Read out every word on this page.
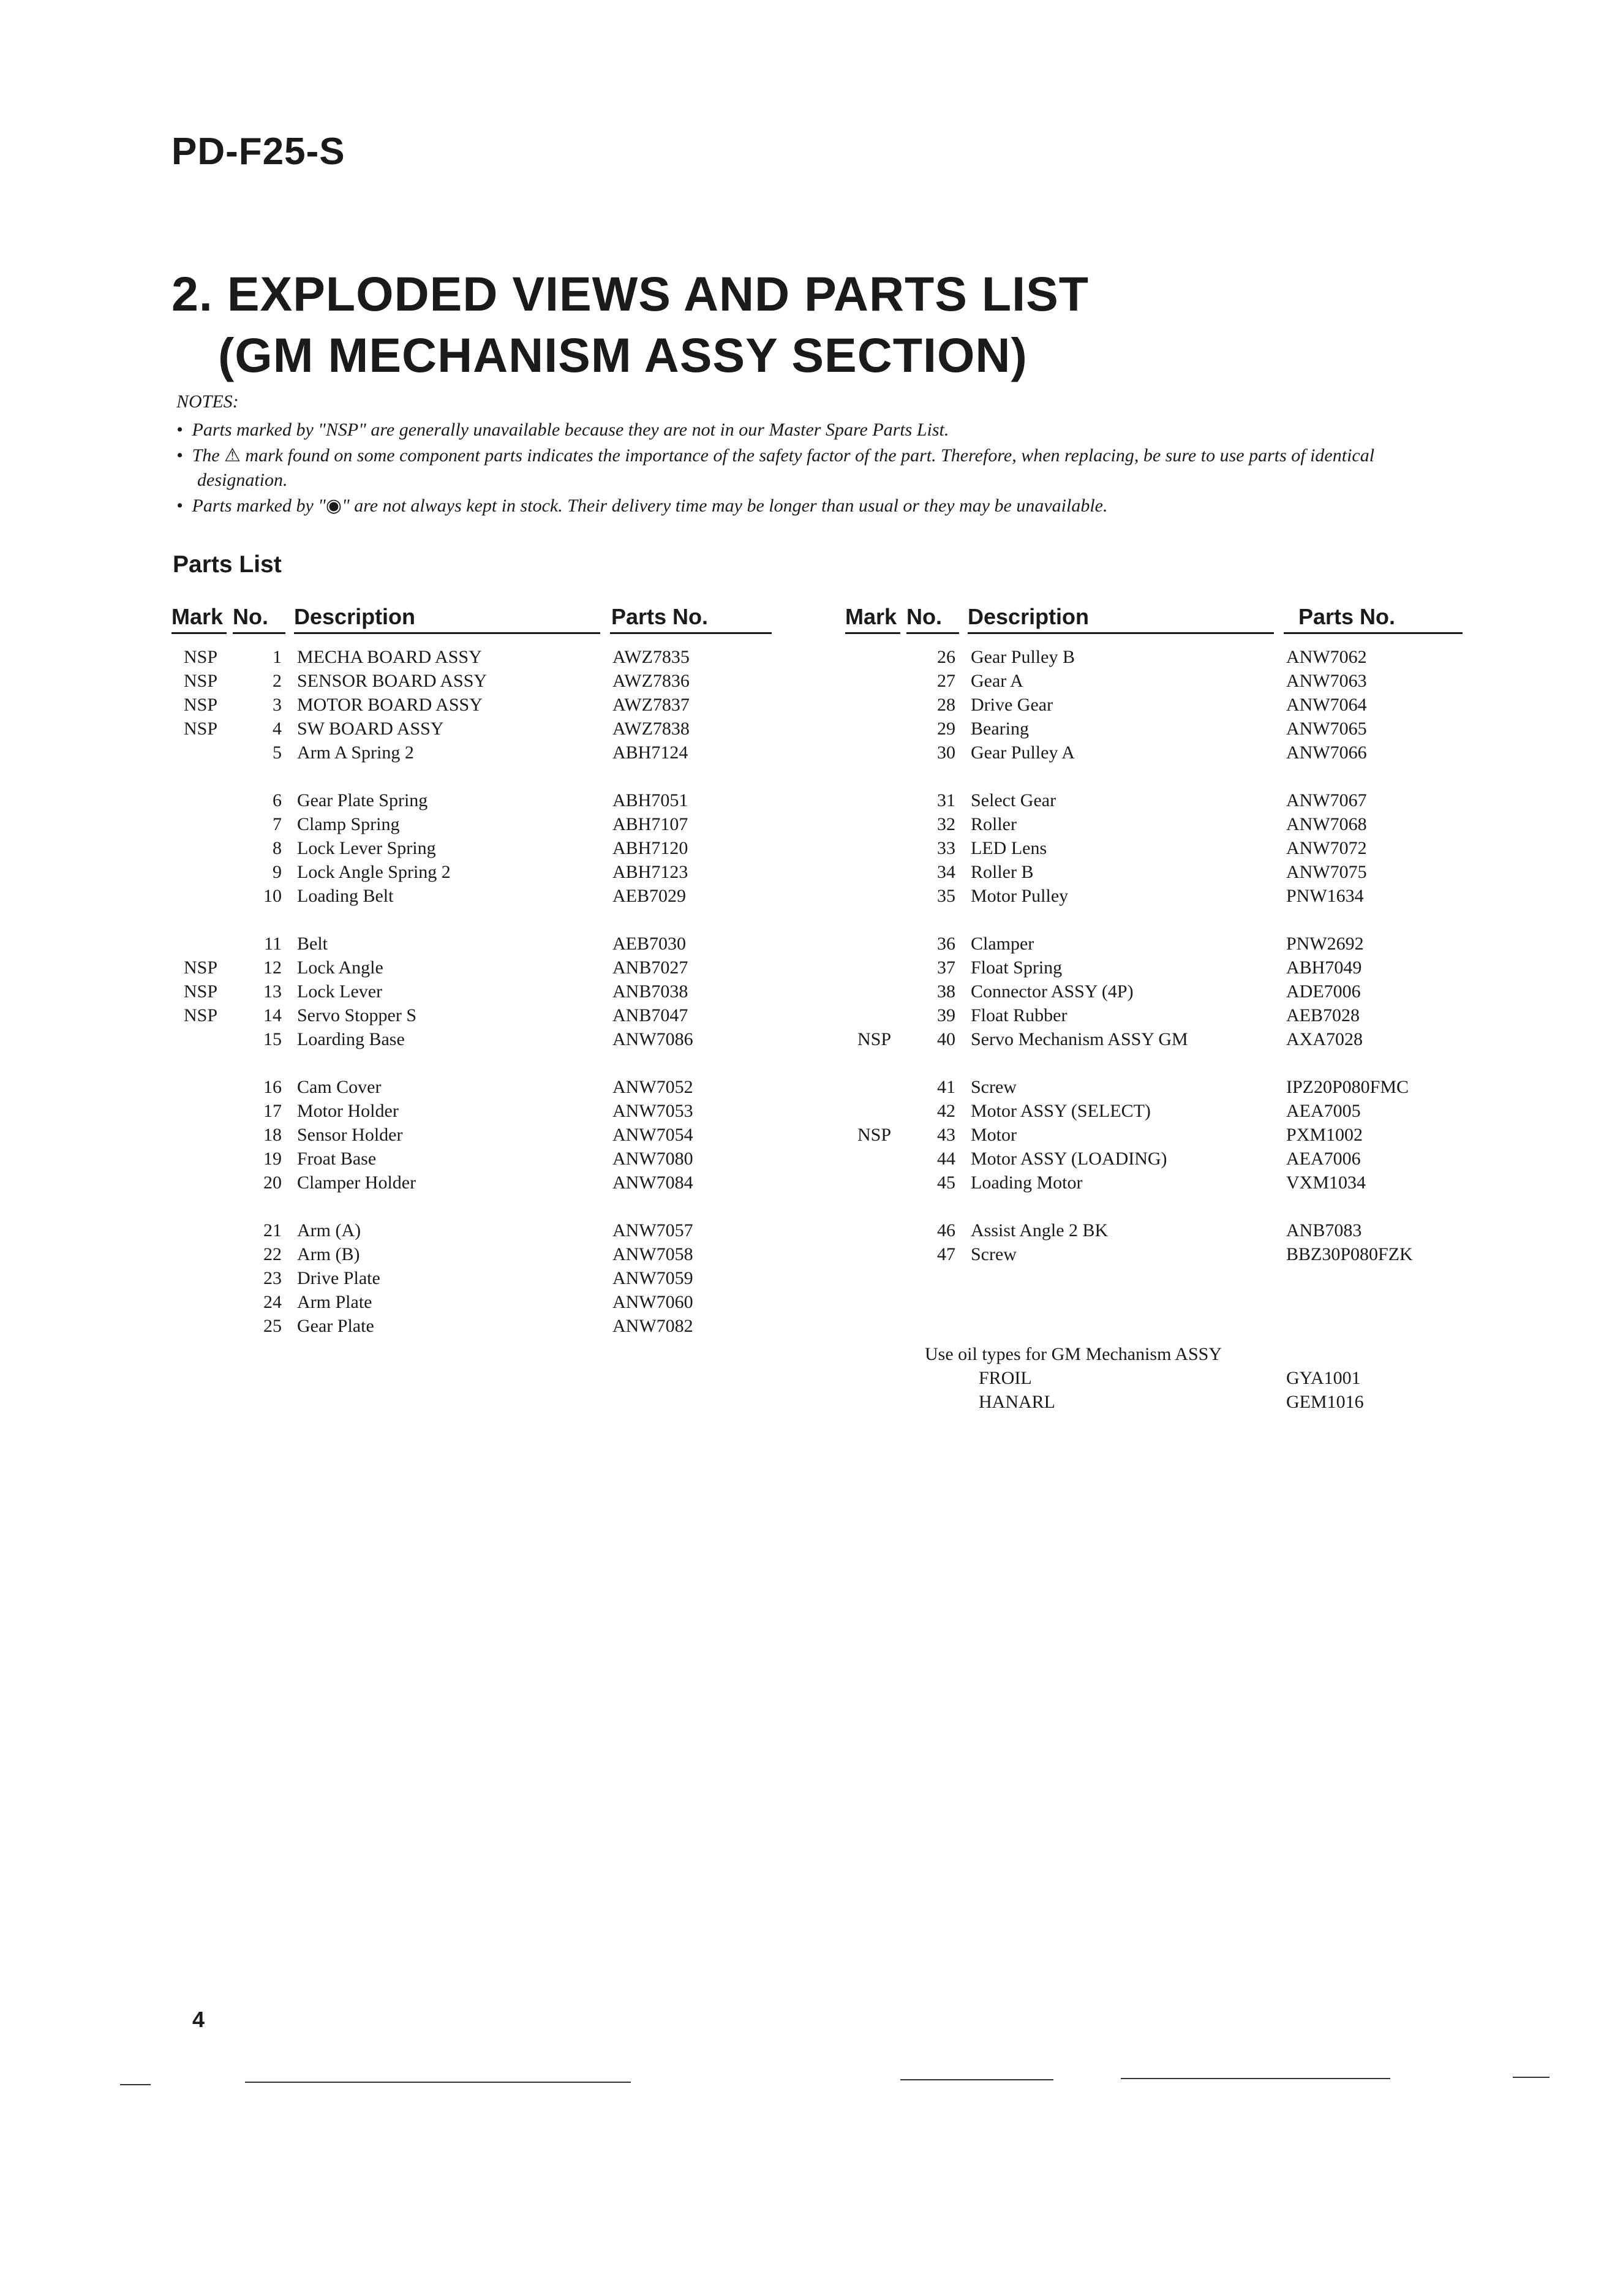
PD-F25-S
2. EXPLODED VIEWS AND PARTS LIST
(GM MECHANISM ASSY SECTION)
NOTES:
•  Parts marked by "NSP" are generally unavailable because they are not in our Master Spare Parts List.
•  The ⚠ mark found on some component parts indicates the importance of the safety factor of the part. Therefore, when replacing, be sure to use parts of identical designation.
•  Parts marked by "◉" are not always kept in stock. Their delivery time may be longer than usual or they may be unavailable.
Parts List
Mark No. Description	Parts No.
NSP	1 MECHA BOARD ASSY	AWZ7835
NSP	2 SENSOR BOARD ASSY	AWZ7836
NSP	3 MOTOR BOARD ASSY	AWZ7837
NSP	4 SW BOARD ASSY	AWZ7838
5 Arm A Spring 2	ABH7124
6 Gear Plate Spring	ABH7051
7 Clamp Spring	ABH7107
8 Lock Lever Spring	ABH7120
9 Lock Angle Spring 2	ABH7123
10 Loading Belt	AEB7029
11 Belt	AEB7030
NSP	12 Lock Angle	ANB7027
NSP	13 Lock Lever	ANB7038
NSP	14 Servo Stopper S	ANB7047
15 Loarding Base	ANW7086
16 Cam Cover	ANW7052
17 Motor Holder	ANW7053
18 Sensor Holder	ANW7054
19 Froat Base	ANW7080
20 Clamper Holder	ANW7084
21 Arm (A)	ANW7057
22 Arm (B)	ANW7058
23 Drive Plate	ANW7059
24 Arm Plate	ANW7060
25 Gear Plate	ANW7082
Mark No. Description	Parts No.
26 Gear Pulley B	ANW7062
27 Gear A	ANW7063
28 Drive Gear	ANW7064
29 Bearing	ANW7065
30 Gear Pulley A	ANW7066
31 Select Gear	ANW7067
32 Roller	ANW7068
33 LED Lens	ANW7072
34 Roller B	ANW7075
35 Motor Pulley	PNW1634
36 Clamper	PNW2692
37 Float Spring	ABH7049
38 Connector ASSY (4P)	ADE7006
39 Float Rubber	AEB7028
NSP	40 Servo Mechanism ASSY GM	AXA7028
41 Screw	IPZ20P080FMC
42 Motor ASSY (SELECT)	AEA7005
NSP	43 Motor	PXM1002
44 Motor ASSY (LOADING)	AEA7006
45 Loading Motor	VXM1034
46 Assist Angle 2 BK	ANB7083
47 Screw	BBZ30P080FZK
Use oil types for GM Mechanism ASSY
FROIL	GYA1001
HANARL	GEM1016
4
